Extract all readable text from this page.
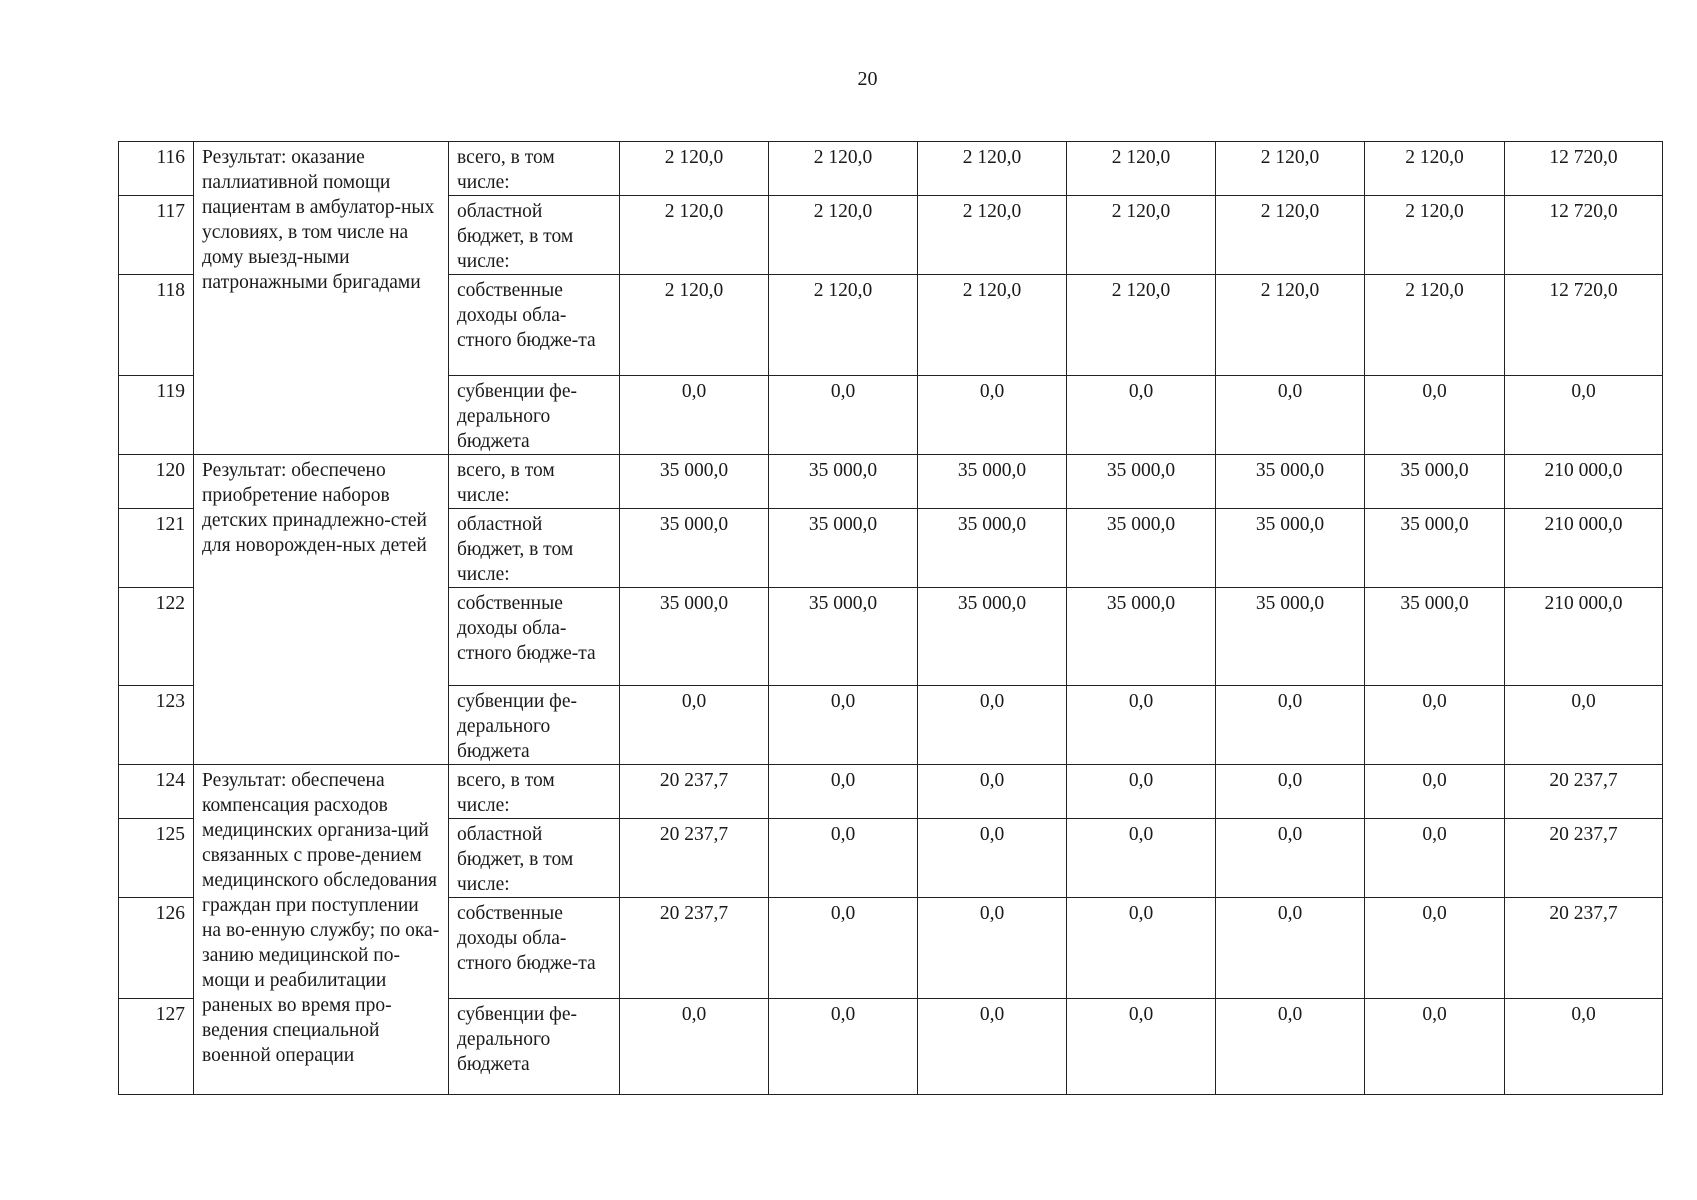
20
116	Результат: оказание паллиативной помощи пациентам в амбулатор-ных условиях, в том числе на дому выезд-ными патронажными бригадами	всего, в том числе:	2 120,0	2 120,0	2 120,0	2 120,0	2 120,0	2 120,0	12 720,0
117		областной бюджет, в том числе:	2 120,0	2 120,0	2 120,0	2 120,0	2 120,0	2 120,0	12 720,0
118		собственные доходы обла-стного бюдже-та	2 120,0	2 120,0	2 120,0	2 120,0	2 120,0	2 120,0	12 720,0
119		субвенции фе-дерального бюджета	0,0	0,0	0,0	0,0	0,0	0,0	0,0
120	Результат: обеспечено приобретение наборов детских принадлежно-стей для новорожден-ных детей	всего, в том числе:	35 000,0	35 000,0	35 000,0	35 000,0	35 000,0	35 000,0	210 000,0
121		областной бюджет, в том числе:	35 000,0	35 000,0	35 000,0	35 000,0	35 000,0	35 000,0	210 000,0
122		собственные доходы обла-стного бюдже-та	35 000,0	35 000,0	35 000,0	35 000,0	35 000,0	35 000,0	210 000,0
123		субвенции фе-дерального бюджета	0,0	0,0	0,0	0,0	0,0	0,0	0,0
124	Результат: обеспечена компенсация расходов медицинских организа-ций связанных с прове-дением медицинского обследования граждан при поступлении на во-енную службу; по ока-занию медицинской по-мощи и реабилитации раненых во время про-ведения специальной военной операции	всего, в том числе:	20 237,7	0,0	0,0	0,0	0,0	0,0	20 237,7
125		областной бюджет, в том числе:	20 237,7	0,0	0,0	0,0	0,0	0,0	20 237,7
126		собственные доходы обла-стного бюдже-та	20 237,7	0,0	0,0	0,0	0,0	0,0	20 237,7
127		субвенции фе-дерального бюджета	0,0	0,0	0,0	0,0	0,0	0,0	0,0
